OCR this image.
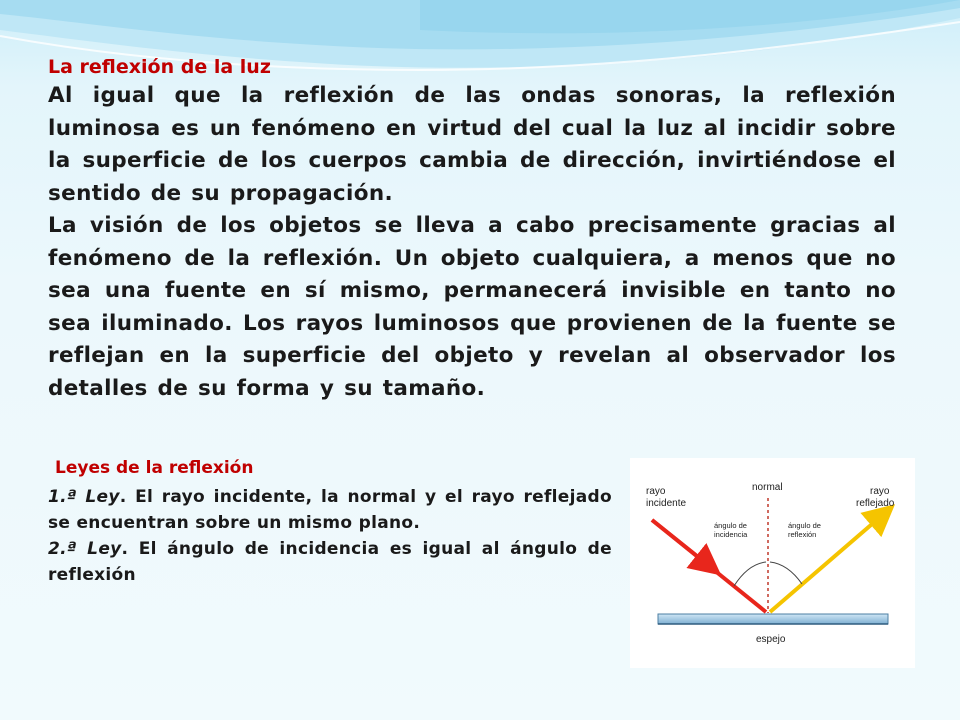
La reflexión de la luz
Al igual que la reflexión de las ondas sonoras, la reflexión luminosa es un fenómeno en virtud del cual la luz al incidir sobre la superficie de los cuerpos cambia de dirección, invirtiéndose el sentido de su propagación.
La visión de los objetos se lleva a cabo precisamente gracias al fenómeno de la reflexión. Un objeto cualquiera, a menos que no sea una fuente en sí mismo, permanecerá invisible en tanto no sea iluminado. Los rayos luminosos que provienen de la fuente se reflejan en la superficie del objeto y revelan al observador los detalles de su forma y su tamaño.
Leyes de la reflexión
1.ª Ley. El rayo incidente, la normal y el rayo reflejado se encuentran sobre un mismo plano.
2.ª Ley. El ángulo de incidencia es igual al ángulo de reflexión
rayo
incidente
normal	rayo
reflejado
ángulo de
incidencia
ángulo de
reflexión
espejo
